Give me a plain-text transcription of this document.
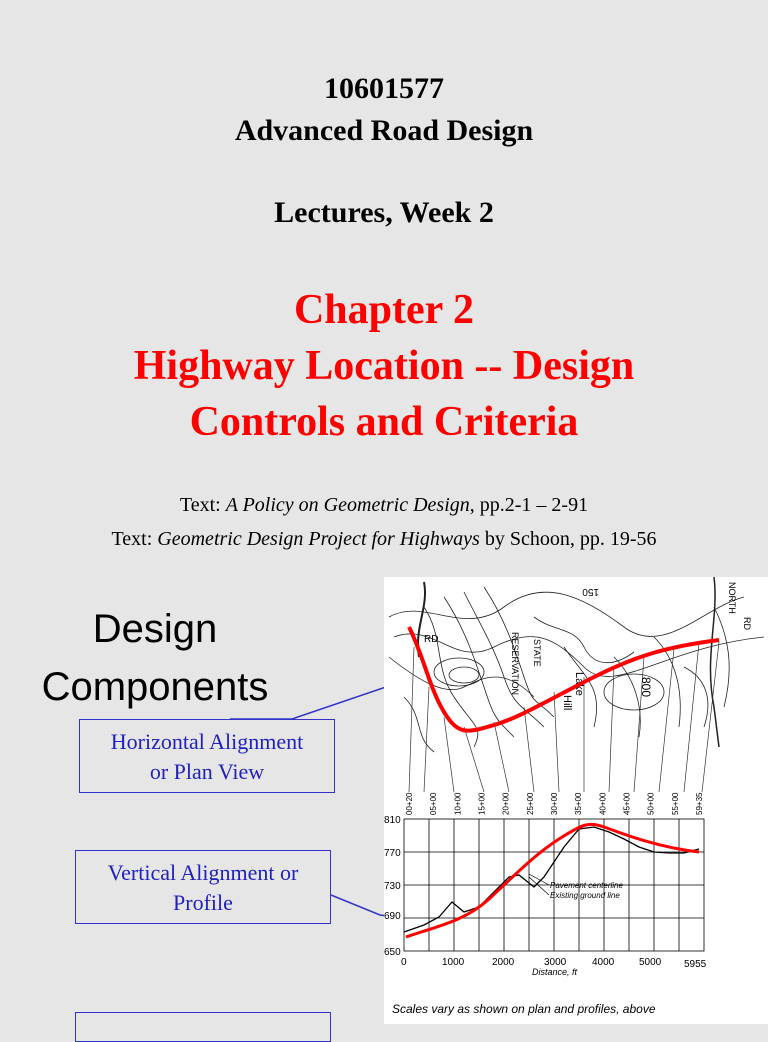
10601577
Advanced Road Design
Lectures, Week 2
Chapter 2
Highway Location -- Design
Controls and Criteria
Text: A Policy on Geometric Design, pp.2-1 – 2-91
Text: Geometric Design Project for Highways by Schoon, pp. 19-56
Design
Components
Horizontal Alignment
or Plan View
Vertical Alignment or
Profile
RD	RESERVATION STATE
Lake
Hill
800
NORTH
RD
150
00+20 05+00 10+00 15+00 20+00 25+00 30+00 35+00 40+00 45+00 50+00 55+00 59+35
810
770
730
690
650
0	1000	2000	3000	4000 5000 5955
Distance, ft
Pavement centerline
Existing ground line
Scales vary as shown on plan and profiles, above
